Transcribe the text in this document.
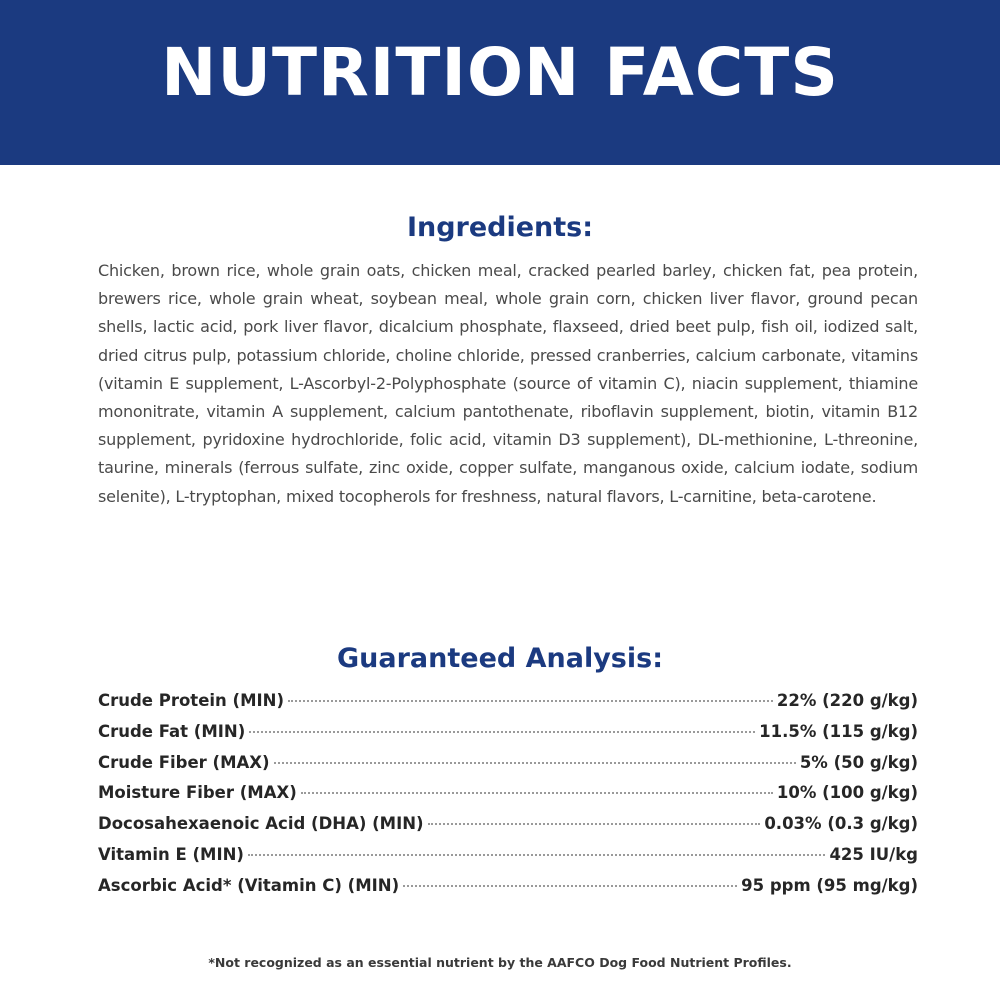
NUTRITION FACTS
Ingredients:

Chicken, brown rice, whole grain oats, chicken meal, cracked pearled barley, chicken fat, pea protein, brewers rice, whole grain wheat, soybean meal, whole grain corn, chicken liver flavor, ground pecan shells, lactic acid, pork liver flavor, dicalcium phosphate, flaxseed, dried beet pulp, fish oil, iodized salt, dried citrus pulp, potassium chloride, choline chloride, pressed cranberries, calcium carbonate, vitamins (vitamin E supplement, L-Ascorbyl-2-Polyphosphate (source of vitamin C), niacin supplement, thiamine mononitrate, vitamin A supplement, calcium pantothenate, riboflavin supplement, biotin, vitamin B12 supplement, pyridoxine hydrochloride, folic acid, vitamin D3 supplement), DL-methionine, L-threonine, taurine, minerals (ferrous sulfate, zinc oxide, copper sulfate, manganous oxide, calcium iodate, sodium selenite), L-tryptophan, mixed tocopherols for freshness, natural flavors, L-carnitine, beta-carotene.

Guaranteed Analysis:
Crude Protein (MIN)	22% (220 g/kg)
Crude Fat (MIN)	11.5% (115 g/kg)
Crude Fiber (MAX)	5% (50 g/kg)
Moisture Fiber (MAX)	10% (100 g/kg)
Docosahexaenoic Acid (DHA) (MIN)	0.03% (0.3 g/kg)
Vitamin E (MIN)	425 IU/kg
Ascorbic Acid* (Vitamin C) (MIN)	95 ppm (95 mg/kg)
*Not recognized as an essential nutrient by the AAFCO Dog Food Nutrient Profiles.
